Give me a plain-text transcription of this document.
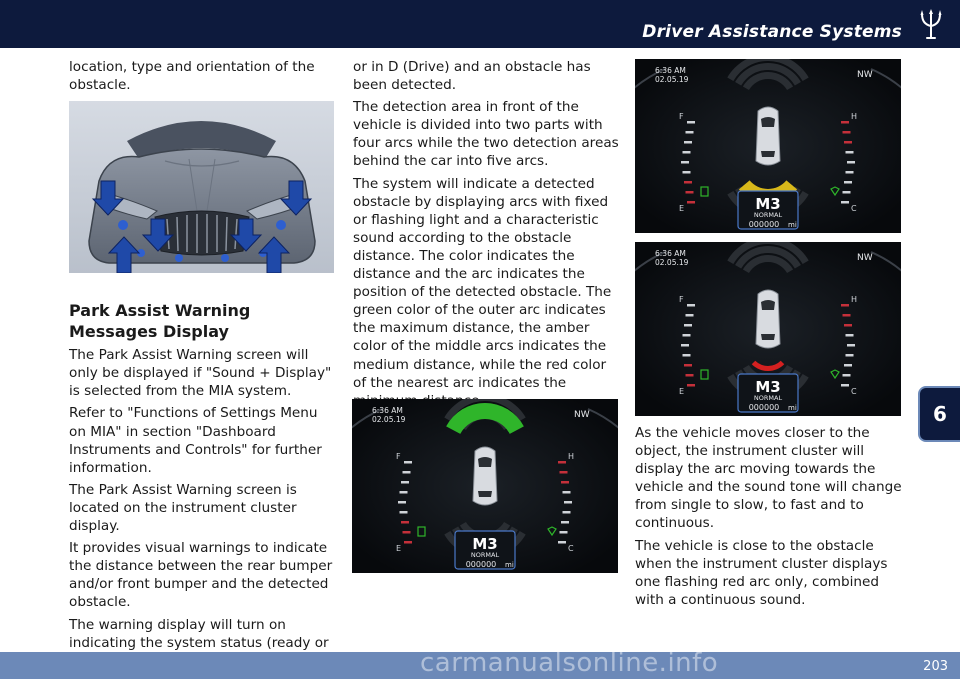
Driver Assistance Systems

location, type and orientation of the obstacle.

Park Assist Warning Messages Display

The Park Assist Warning screen will only be displayed if "Sound + Display" is selected from the MIA system.

Refer to "Functions of Settings Menu on MIA" in section "Dashboard Instruments and Controls" for further information.

The Park Assist Warning screen is located on the instrument cluster display.

It provides visual warnings to indicate the distance between the rear bumper and/or front bumper and the detected obstacle.

The warning display will turn on indicating the system status (ready or

or in D (Drive) and an obstacle has been detected.

The detection area in front of the vehicle is divided into two parts with four arcs while the two detection areas behind the car into five arcs.

The system will indicate a detected obstacle by displaying arcs with fixed or flashing light and a characteristic sound according to the obstacle distance. The color indicates the distance and the arc indicates the position of the detected obstacle. The green color of the outer arc indicates the maximum distance, the amber color of the middle arcs indicates the medium distance, while the red color of the nearest arc indicates the

As the vehicle moves closer to the object, the instrument cluster will display the arc moving towards the vehicle and the sound tone will change from single to slow, to fast and to continuous.

The vehicle is close to the obstacle when the instrument cluster displays one flashing red arc only, combined with a continuous sound.

F
E
H
C
6:36 AM
02.05.19	NW
M3
NORMAL
000000 mi
F
E
H
C
6:36 AM
02.05.19	NW
M3
NORMAL
000000 mi
F
E
H
C
6:36 AM
02.05.19	NW
M3
NORMAL
000000 mi	6
carmanualsonline.info	203
